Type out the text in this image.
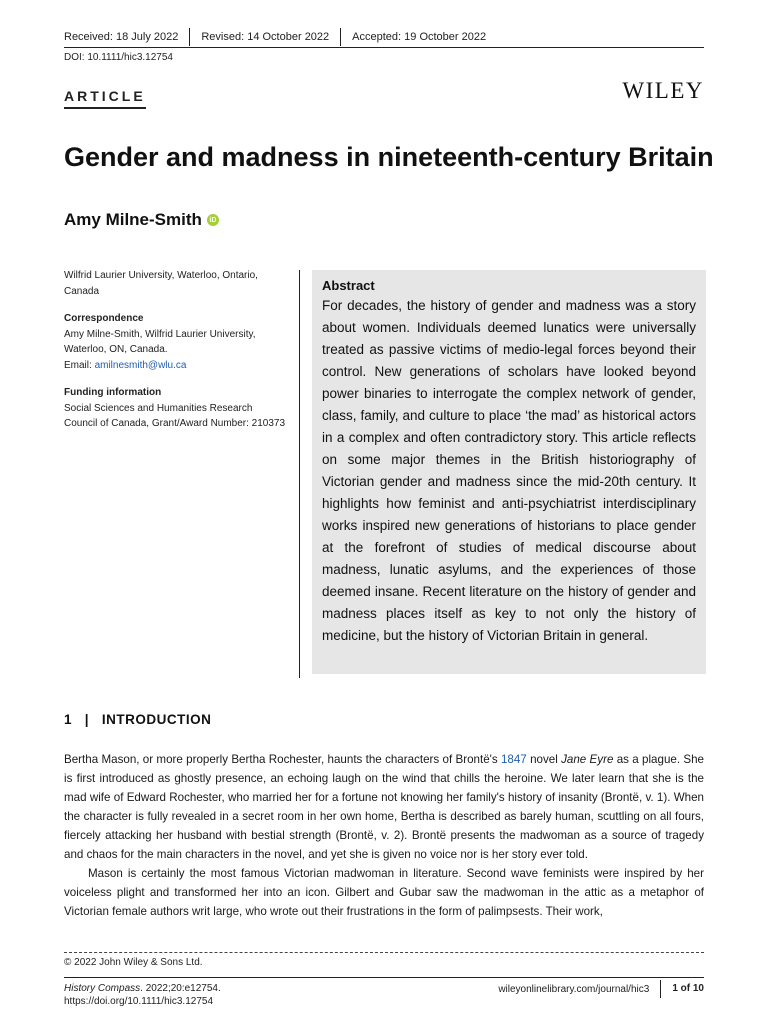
Received: 18 July 2022	Revised: 14 October 2022	Accepted: 19 October 2022
DOI: 10.1111/hic3.12754
ARTICLE	WILEY
Gender and madness in nineteenth-century Britain
Amy Milne-Smith	iD

Wilfrid Laurier University, Waterloo, Ontario, Canada

Correspondence
Amy Milne-Smith, Wilfrid Laurier University, Waterloo, ON, Canada.
Email: amilnesmith@wlu.ca

Funding information
Social Sciences and Humanities Research Council of Canada, Grant/Award Number: 210373

Abstract

For decades, the history of gender and madness was a story about women. Individuals deemed lunatics were universally treated as passive victims of medio-legal forces beyond their control. New generations of scholars have looked beyond power binaries to interrogate the complex network of gender, class, family, and culture to place ‘the mad’ as historical actors in a complex and often contradictory story. This article reflects on some major themes in the British historiography of Victorian gender and madness since the mid-20th century. It highlights how feminist and anti-psychiatrist interdisciplinary works inspired new generations of historians to place gender at the forefront of studies of medical discourse about madness, lunatic asylums, and the experiences of those deemed insane. Recent literature on the history of gender and madness places itself as key to not only the history of medicine, but the history of Victorian Britain in general.

1 | INTRODUCTION

Bertha Mason, or more properly Bertha Rochester, haunts the characters of Brontë's 1847 novel Jane Eyre as a plague. She is first introduced as ghostly presence, an echoing laugh on the wind that chills the heroine. We later learn that she is the mad wife of Edward Rochester, who married her for a fortune not knowing her family's history of insanity (Brontë, v. 1). When the character is fully revealed in a secret room in her own home, Bertha is described as barely human, scuttling on all fours, fiercely attacking her husband with bestial strength (Brontë, v. 2). Brontë presents the madwoman as a source of tragedy and chaos for the main characters in the novel, and yet she is given no voice nor is her story ever told.

Mason is certainly the most famous Victorian madwoman in literature. Second wave feminists were inspired by her voiceless plight and transformed her into an icon. Gilbert and Gubar saw the madwoman in the attic as a metaphor of Victorian female authors writ large, who wrote out their frustrations in the form of palimpsests. Their work,

© 2022 John Wiley & Sons Ltd.
History Compass. 2022;20:e12754.
https://doi.org/10.1111/hic3.12754
wileyonlinelibrary.com/journal/hic3	1 of 10
